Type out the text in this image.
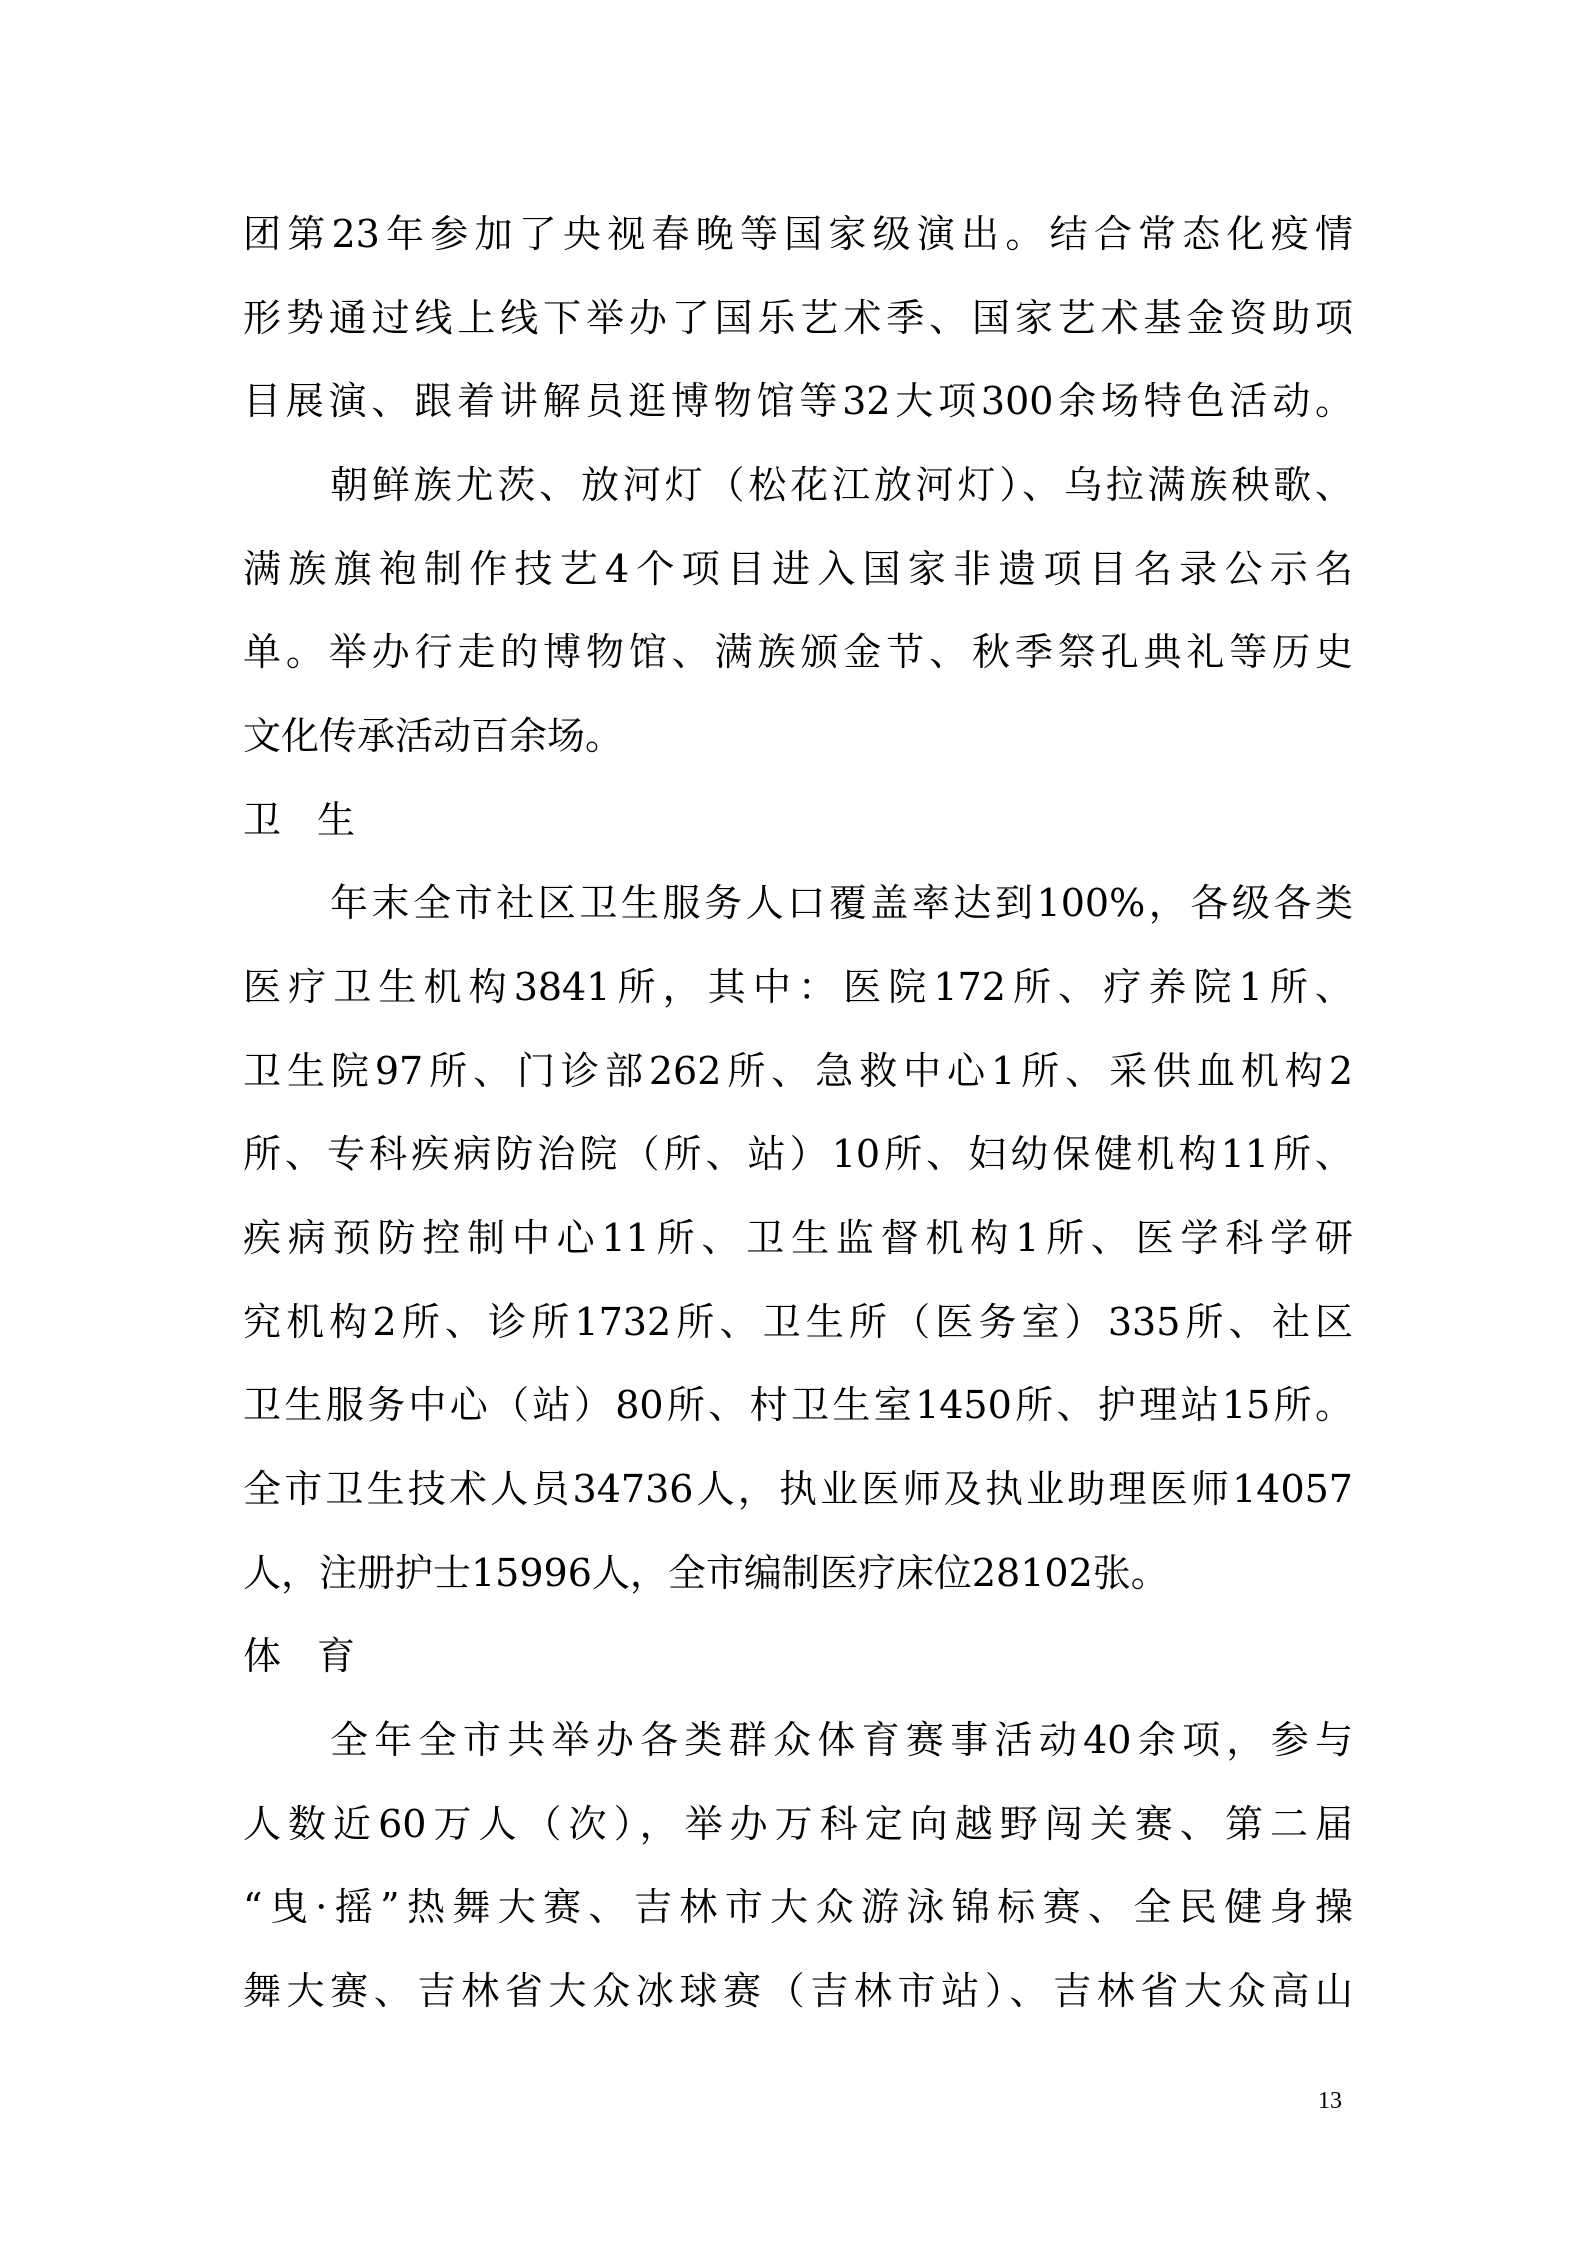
团第23年参加了央视春晚等国家级演出。结合常态化疫情
形势通过线上线下举办了国乐艺术季、国家艺术基金资助项
目展演、跟着讲解员逛博物馆等32大项300余场特色活动。
朝鲜族尤茨、放河灯（松花江放河灯）、乌拉满族秧歌、
满族旗袍制作技艺4个项目进入国家非遗项目名录公示名
单。举办行走的博物馆、满族颁金节、秋季祭孔典礼等历史
文化传承活动百余场。
卫生
年末全市社区卫生服务人口覆盖率达到100%，各级各类
医疗卫生机构3841所，其中：医院172所、疗养院1所、
卫生院97所、门诊部262所、急救中心1所、采供血机构2
所、专科疾病防治院（所、站）10所、妇幼保健机构11所、
疾病预防控制中心11所、卫生监督机构1所、医学科学研
究机构2所、诊所1732所、卫生所（医务室）335所、社区
卫生服务中心（站）80所、村卫生室1450所、护理站15所。
全市卫生技术人员34736人，执业医师及执业助理医师14057
人，注册护士15996人，全市编制医疗床位28102张。
体育
全年全市共举办各类群众体育赛事活动40余项，参与
人数近60万人（次），举办万科定向越野闯关赛、第二届
“曳·摇”热舞大赛、吉林市大众游泳锦标赛、全民健身操
舞大赛、吉林省大众冰球赛（吉林市站）、吉林省大众高山
13
